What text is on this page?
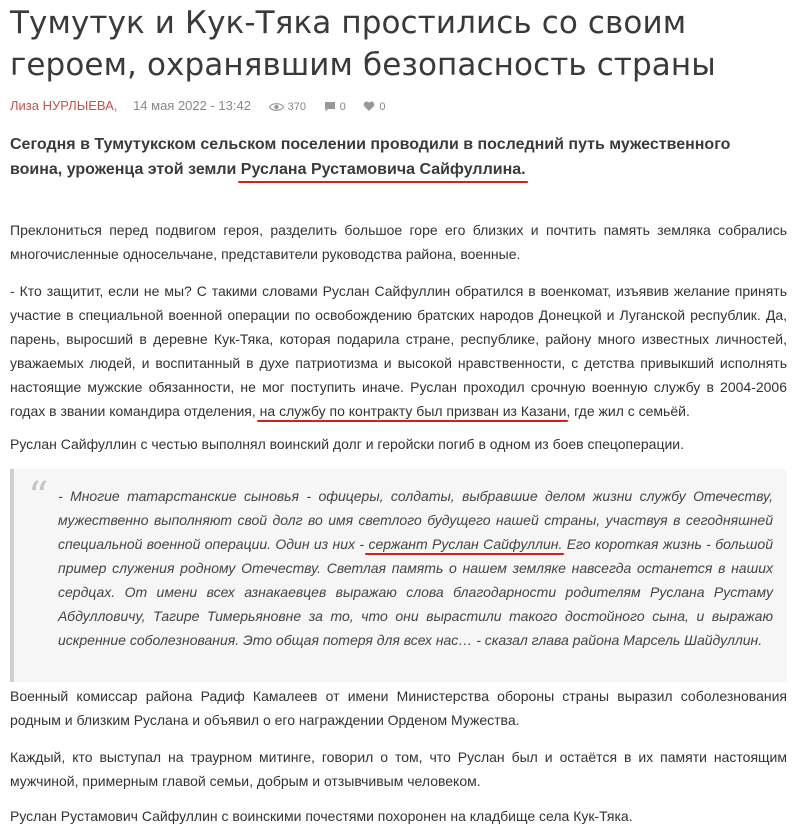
Тумутук и Кук-Тяка простились со своим героем, охранявшим безопасность страны
Лиза НУРЛЫЕВА, 14 мая 2022 - 13:42	370	0	0

Сегодня в Тумутукском сельском поселении проводили в последний путь мужественного воина, уроженца этой земли Руслана Рустамовича Сайфуллина.

Преклониться перед подвигом героя, разделить большое горе его близких и почтить память земляка собрались многочисленные односельчане, представители руководства района, военные.

- Кто защитит, если не мы? С такими словами Руслан Сайфуллин обратился в военкомат, изъявив желание принять участие в специальной военной операции по освобождению братских народов Донецкой и Луганской республик. Да, парень, выросший в деревне Кук-Тяка, которая подарила стране, республике, району много известных личностей, уважаемых людей, и воспитанный в духе патриотизма и высокой нравственности, с детства привыкший исполнять настоящие мужские обязанности, не мог поступить иначе. Руслан проходил срочную военную службу в 2004-2006 годах в звании командира отделения, на службу по контракту был призван из Казани, где жил с семьёй.

Руслан Сайфуллин с честью выполнял воинский долг и геройски погиб в одном из боев спецоперации.

“ - Многие татарстанские сыновья - офицеры, солдаты, выбравшие делом жизни службу Отечеству, мужественно выполняют свой долг во имя светлого будущего нашей страны, участвуя в сегодняшней специальной военной операции. Один из них - сержант Руслан Сайфуллин. Его короткая жизнь - большой пример служения родному Отечеству. Светлая память о нашем земляке навсегда останется в наших сердцах. От имени всех азнакаевцев выражаю слова благодарности родителям Руслана Рустаму Абдулловичу, Тагире Тимерьяновне за то, что они вырастили такого достойного сына, и выражаю искренние соболезнования. Это общая потеря для всех нас… - сказал глава района Марсель Шайдуллин.

Военный комиссар района Радиф Камалеев от имени Министерства обороны страны выразил соболезнования родным и близким Руслана и объявил о его награждении Орденом Мужества.

Каждый, кто выступал на траурном митинге, говорил о том, что Руслан был и остаётся в их памяти настоящим мужчиной, примерным главой семьи, добрым и отзывчивым человеком.

Руслан Рустамович Сайфуллин с воинскими почестями похоронен на кладбище села Кук-Тяка.
